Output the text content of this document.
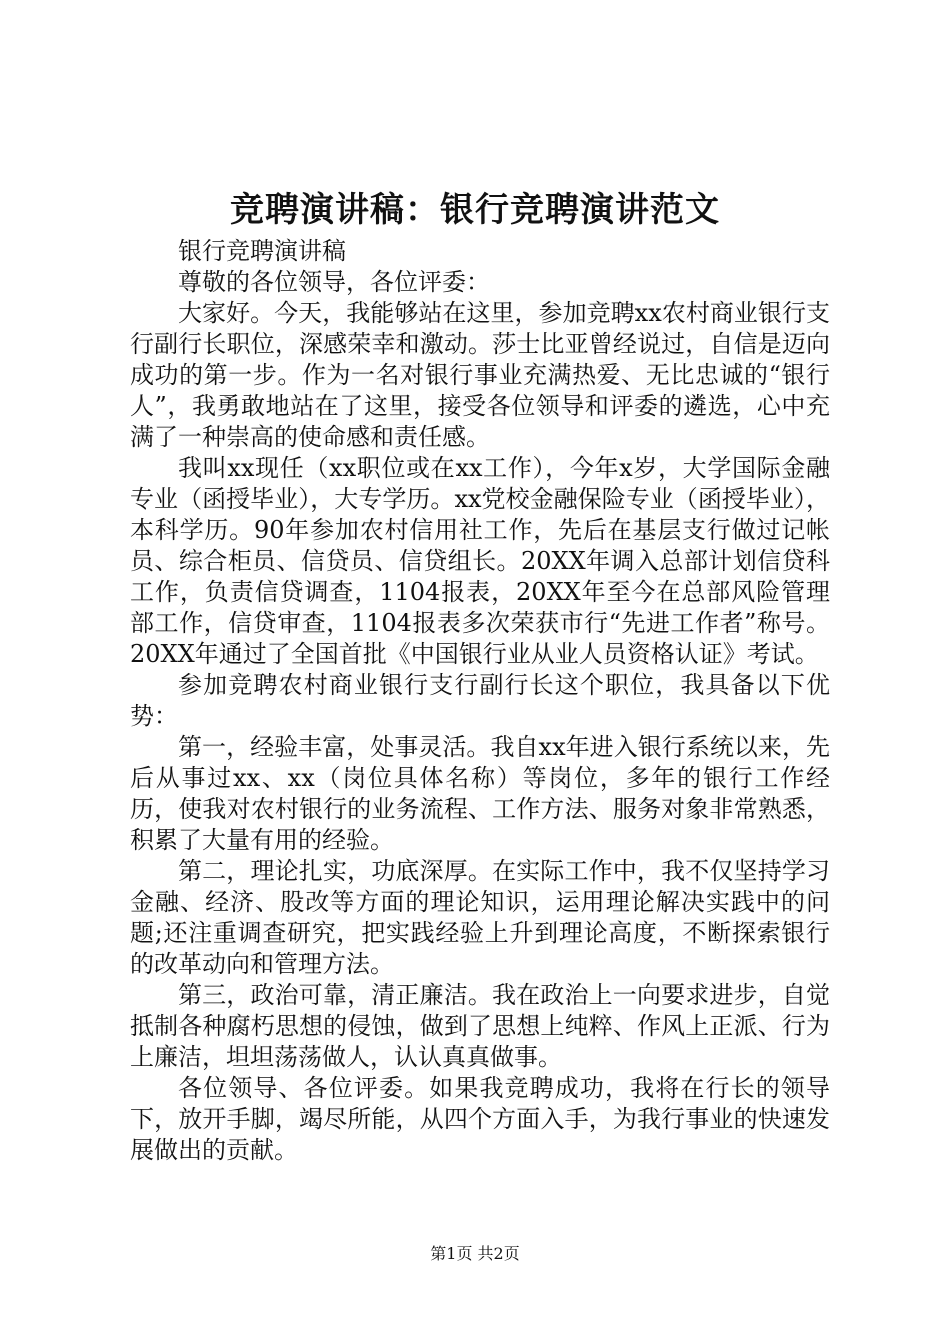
竞聘演讲稿：银行竞聘演讲范文

银行竞聘演讲稿

尊敬的各位领导，各位评委：

大家好。今天，我能够站在这里，参加竞聘xx农村商业银行支行副行长职位，深感荣幸和激动。莎士比亚曾经说过，自信是迈向成功的第一步。作为一名对银行事业充满热爱、无比忠诚的“银行人”，我勇敢地站在了这里，接受各位领导和评委的遴选，心中充满了一种崇高的使命感和责任感。

我叫xx现任（xx职位或在xx工作），今年x岁，大学国际金融专业（函授毕业），大专学历。xx党校金融保险专业（函授毕业），本科学历。90年参加农村信用社工作，先后在基层支行做过记帐员、综合柜员、信贷员、信贷组长。20XX年调入总部计划信贷科工作，负责信贷调查，1104报表，20XX年至今在总部风险管理部工作，信贷审查，1104报表多次荣获市行“先进工作者”称号。20XX年通过了全国首批《中国银行业从业人员资格认证》考试。

参加竞聘农村商业银行支行副行长这个职位，我具备以下优势：

第一，经验丰富，处事灵活。我自xx年进入银行系统以来，先后从事过xx、xx（岗位具体名称）等岗位，多年的银行工作经历，使我对农村银行的业务流程、工作方法、服务对象非常熟悉，积累了大量有用的经验。

第二，理论扎实，功底深厚。在实际工作中，我不仅坚持学习金融、经济、股改等方面的理论知识，运用理论解决实践中的问题;还注重调查研究，把实践经验上升到理论高度，不断探索银行的改革动向和管理方法。

第三，政治可靠，清正廉洁。我在政治上一向要求进步，自觉抵制各种腐朽思想的侵蚀，做到了思想上纯粹、作风上正派、行为上廉洁，坦坦荡荡做人，认认真真做事。

各位领导、各位评委。如果我竞聘成功，我将在行长的领导下，放开手脚，竭尽所能，从四个方面入手，为我行事业的快速发展做出的贡献。

第1页 共2页
